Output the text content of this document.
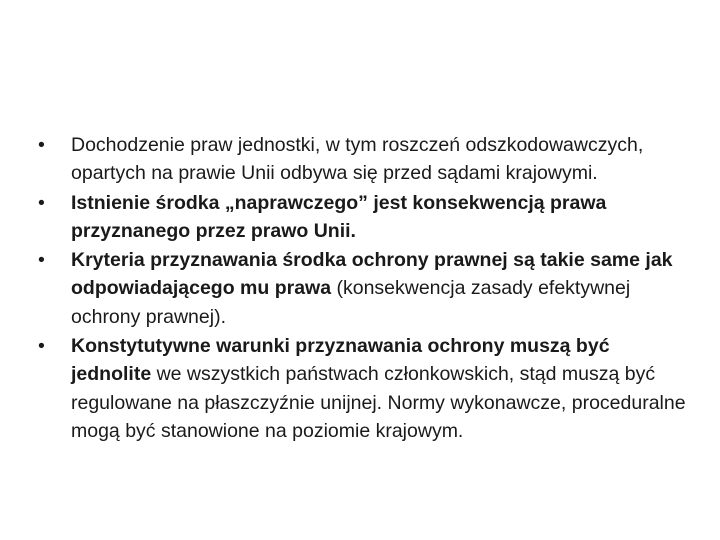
• Dochodzenie praw jednostki, w tym roszczeń odszkodowawczych, opartych na prawie Unii odbywa się przed sądami krajowymi.
• Istnienie środka „naprawczego” jest konsekwencją prawa przyznanego przez prawo Unii.
• Kryteria przyznawania środka ochrony prawnej są takie same jak odpowiadającego mu prawa (konsekwencja zasady efektywnej ochrony prawnej).
• Konstytutywne warunki przyznawania ochrony muszą być jednolite we wszystkich państwach członkowskich, stąd muszą być regulowane na płaszczyźnie unijnej. Normy wykonawcze, proceduralne mogą być stanowione na poziomie krajowym.
